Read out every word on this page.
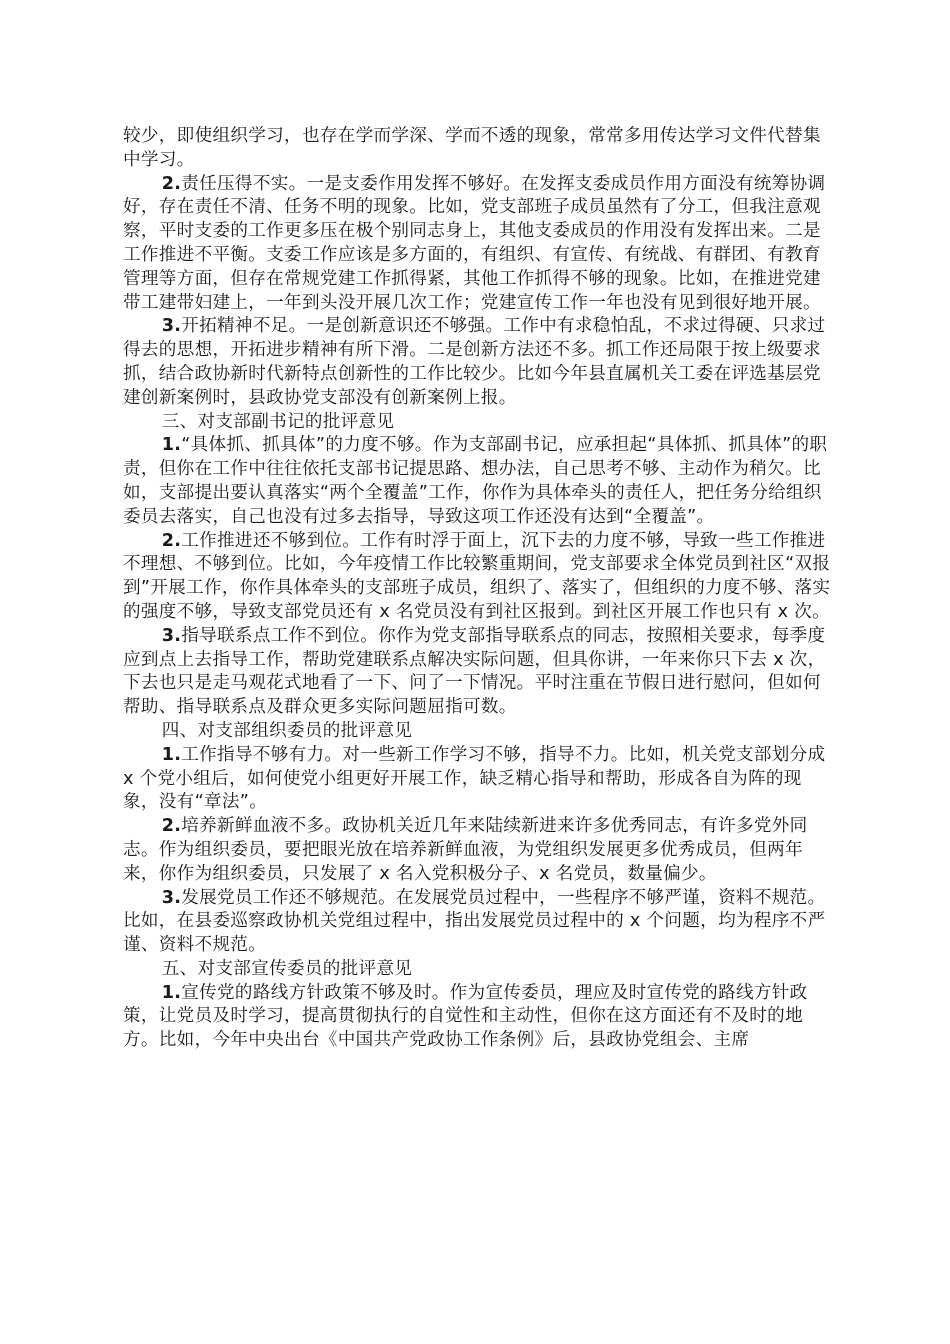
较少，即使组织学习，也存在学而学深、学而不透的现象，常常多用传达学习文件代替集中学习。

2.责任压得不实。一是支委作用发挥不够好。在发挥支委成员作用方面没有统筹协调好，存在责任不清、任务不明的现象。比如，党支部班子成员虽然有了分工，但我注意观察，平时支委的工作更多压在极个别同志身上，其他支委成员的作用没有发挥出来。二是工作推进不平衡。支委工作应该是多方面的，有组织、有宣传、有统战、有群团、有教育管理等方面，但存在常规党建工作抓得紧，其他工作抓得不够的现象。比如，在推进党建带工建带妇建上，一年到头没开展几次工作；党建宣传工作一年也没有见到很好地开展。

3.开拓精神不足。一是创新意识还不够强。工作中有求稳怕乱，不求过得硬、只求过得去的思想，开拓进步精神有所下滑。二是创新方法还不多。抓工作还局限于按上级要求抓，结合政协新时代新特点创新性的工作比较少。比如今年县直属机关工委在评选基层党建创新案例时，县政协党支部没有创新案例上报。

三、对支部副书记的批评意见

1.“具体抓、抓具体”的力度不够。作为支部副书记，应承担起“具体抓、抓具体”的职责，但你在工作中往往依托支部书记提思路、想办法，自己思考不够、主动作为稍欠。比如，支部提出要认真落实“两个全覆盖”工作，你作为具体牵头的责任人，把任务分给组织委员去落实，自己也没有过多去指导，导致这项工作还没有达到“全覆盖”。

2.工作推进还不够到位。工作有时浮于面上，沉下去的力度不够，导致一些工作推进不理想、不够到位。比如，今年疫情工作比较繁重期间，党支部要求全体党员到社区“双报到”开展工作，你作具体牵头的支部班子成员，组织了、落实了，但组织的力度不够、落实的强度不够，导致支部党员还有 x 名党员没有到社区报到。到社区开展工作也只有 x 次。

3.指导联系点工作不到位。你作为党支部指导联系点的同志，按照相关要求，每季度应到点上去指导工作，帮助党建联系点解决实际问题，但具你讲，一年来你只下去 x 次，下去也只是走马观花式地看了一下、问了一下情况。平时注重在节假日进行慰问，但如何帮助、指导联系点及群众更多实际问题屈指可数。

四、对支部组织委员的批评意见

1.工作指导不够有力。对一些新工作学习不够，指导不力。比如，机关党支部划分成 x 个党小组后，如何使党小组更好开展工作，缺乏精心指导和帮助，形成各自为阵的现象，没有“章法”。

2.培养新鲜血液不多。政协机关近几年来陆续新进来许多优秀同志，有许多党外同志。作为组织委员，要把眼光放在培养新鲜血液，为党组织发展更多优秀成员，但两年来，你作为组织委员，只发展了 x 名入党积极分子、x 名党员，数量偏少。

3.发展党员工作还不够规范。在发展党员过程中，一些程序不够严谨，资料不规范。比如，在县委巡察政协机关党组过程中，指出发展党员过程中的 x 个问题，均为程序不严谨、资料不规范。

五、对支部宣传委员的批评意见

1.宣传党的路线方针政策不够及时。作为宣传委员，理应及时宣传党的路线方针政策，让党员及时学习，提高贯彻执行的自觉性和主动性，但你在这方面还有不及时的地方。比如，今年中央出台《中国共产党政协工作条例》后，县政协党组会、主席
